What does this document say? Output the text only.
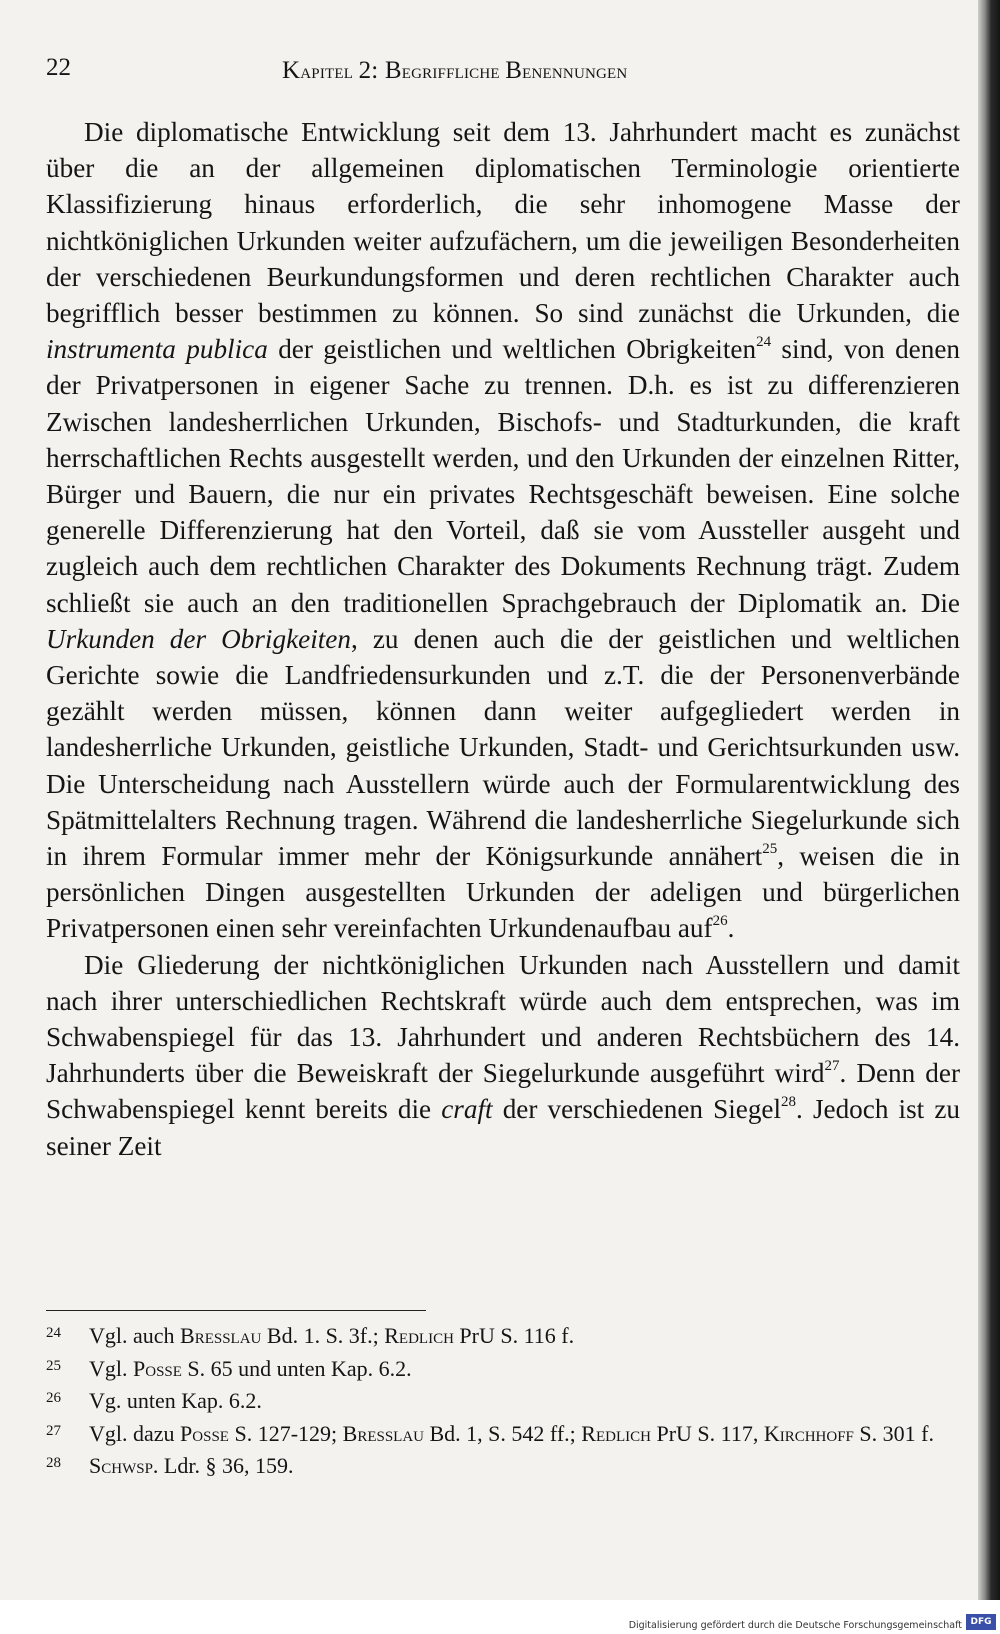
22	Kapitel 2: Begriffliche Benennungen

Die diplomatische Entwicklung seit dem 13. Jahrhundert macht es zunächst über die an der allgemeinen diplomatischen Terminologie orientierte Klassifizierung hinaus erforderlich, die sehr inhomogene Masse der nichtköniglichen Urkunden weiter aufzufächern, um die jeweiligen Besonderheiten der verschiedenen Beurkundungsformen und deren rechtlichen Charakter auch begrifflich besser bestimmen zu können. So sind zunächst die Urkunden, die instrumenta publica der geistlichen und weltlichen Obrigkeiten$^{24}$ sind, von denen der Privatpersonen in eigener Sache zu trennen. D.h. es ist zu differenzieren Zwischen landesherrlichen Urkunden, Bischofs- und Stadturkunden, die kraft herrschaftlichen Rechts ausgestellt werden, und den Urkunden der einzelnen Ritter, Bürger und Bauern, die nur ein privates Rechtsgeschäft beweisen. Eine solche generelle Differenzierung hat den Vorteil, daß sie vom Aussteller ausgeht und zugleich auch dem rechtlichen Charakter des Dokuments Rechnung trägt. Zudem schließt sie auch an den traditionellen Sprachgebrauch der Diplomatik an. Die Urkunden der Obrigkeiten, zu denen auch die der geistlichen und weltlichen Gerichte sowie die Landfriedensurkunden und z.T. die der Personenverbände gezählt werden müssen, können dann weiter aufgegliedert werden in landesherrliche Urkunden, geistliche Urkunden, Stadt- und Gerichtsurkunden usw. Die Unterscheidung nach Ausstellern würde auch der Formularentwicklung des Spätmittelalters Rechnung tragen. Während die landesherrliche Siegelurkunde sich in ihrem Formular immer mehr der Königsurkunde annähert$^{25}$, weisen die in persönlichen Dingen ausgestellten Urkunden der adeligen und bürgerlichen Privatpersonen einen sehr vereinfachten Urkundenaufbau auf$^{26}$.

Die Gliederung der nichtköniglichen Urkunden nach Ausstellern und damit nach ihrer unterschiedlichen Rechtskraft würde auch dem entsprechen, was im Schwabenspiegel für das 13. Jahrhundert und anderen Rechtsbüchern des 14. Jahrhunderts über die Beweiskraft der Siegelurkunde ausgeführt wird$^{27}$. Denn der Schwabenspiegel kennt bereits die craft der verschiedenen Siegel$^{28}$. Jedoch ist zu seiner Zeit

24	Vgl. auch Bresslau Bd. 1. S. 3f.; Redlich PrU S. 116 f.
25	Vgl. Posse S. 65 und unten Kap. 6.2.
26	Vg. unten Kap. 6.2.
27	Vgl. dazu Posse S. 127-129; Bresslau Bd. 1, S. 542 ff.; Redlich PrU S. 117, Kirchhoff S. 301 f.
28	Schwsp. Ldr. § 36, 159.
Digitalisierung gefördert durch die Deutsche Forschungsgemeinschaft DFG
